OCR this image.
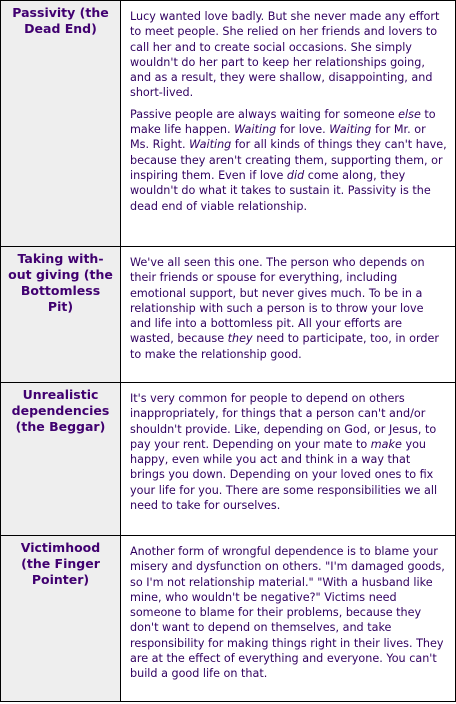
Passivity (the Dead End)	Lucy wanted love badly. But she never made any effort to meet people. She relied on her friends and lovers to call her and to create social occasions. She simply wouldn't do her part to keep her relationships going, and as a result, they were shallow, disappointing, and short-lived.

Passive people are always waiting for someone else to make life happen. Waiting for love. Waiting for Mr. or Ms. Right. Waiting for all kinds of things they can't have, because they aren't creating them, supporting them, or inspiring them. Even if love did come along, they wouldn't do what it takes to sustain it. Passivity is the dead end of viable relationship.

Taking with-out giving (the Bottomless Pit)	We've all seen this one. The person who depends on their friends or spouse for everything, including emotional support, but never gives much. To be in a relationship with such a person is to throw your love and life into a bottomless pit. All your efforts are wasted, because they need to participate, too, in order to make the relationship good.

Unrealistic dependencies (the Beggar)	It's very common for people to depend on others inappropriately, for things that a person can't and/or shouldn't provide. Like, depending on God, or Jesus, to pay your rent. Depending on your mate to make you happy, even while you act and think in a way that brings you down. Depending on your loved ones to fix your life for you. There are some responsibilities we all need to take for ourselves.

Victimhood (the Finger Pointer)	Another form of wrongful dependence is to blame your misery and dysfunction on others. "I'm damaged goods, so I'm not relationship material." "With a husband like mine, who wouldn't be negative?" Victims need someone to blame for their problems, because they don't want to depend on themselves, and take responsibility for making things right in their lives. They are at the effect of everything and everyone. You can't build a good life on that.
